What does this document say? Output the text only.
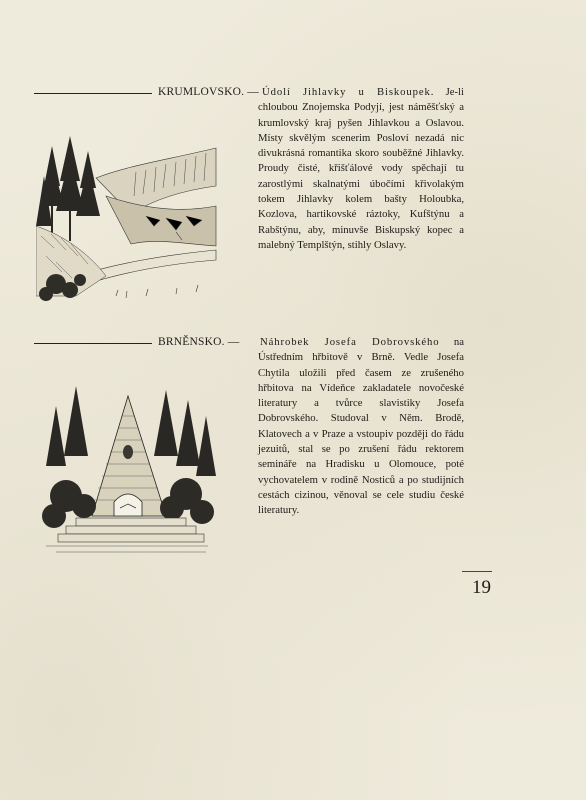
KRUMLOVSKO. — Údolí Jihlavky u Biskoupek. Je-li chloubou Znojemska Podyjí, jest náměšťský a krumlovský kraj pyšen Jihlavkou a Oslavou. Místy skvělým scenerim Posloví nezadá nic divukrásná romantika skoro souběžné Jihlavky. Proudy čisté, křišťálové vody spěchají tu zarostlými skalnatými úbočími křivolakým tokem Jihlavky kolem bašty Holoubka, Kozlova, hartikovské ráztoky, Kufštýnu a Rabštýnu, aby, minuvše Biskupský kopec a malebný Templštýn, stihly Oslavy.
BRNĚNSKO. — Náhrobek Josefa Dobrovského na Ústředním hřbitově v Brně. Vedle Josefa Chytila uložili před časem ze zrušeného hřbitova na Vídeňce zakladatele novočeské literatury a tvůrce slavistiky Josefa Dobrovského. Studoval v Něm. Brodě, Klatovech a v Praze a vstoupiv později do řádu jezuitů, stal se po zrušení řádu rektorem semináře na Hradisku u Olomouce, poté vychovatelem v rodině Nosticů a po studijních cestách cizinou, věnoval se cele studiu české literatury.
19
